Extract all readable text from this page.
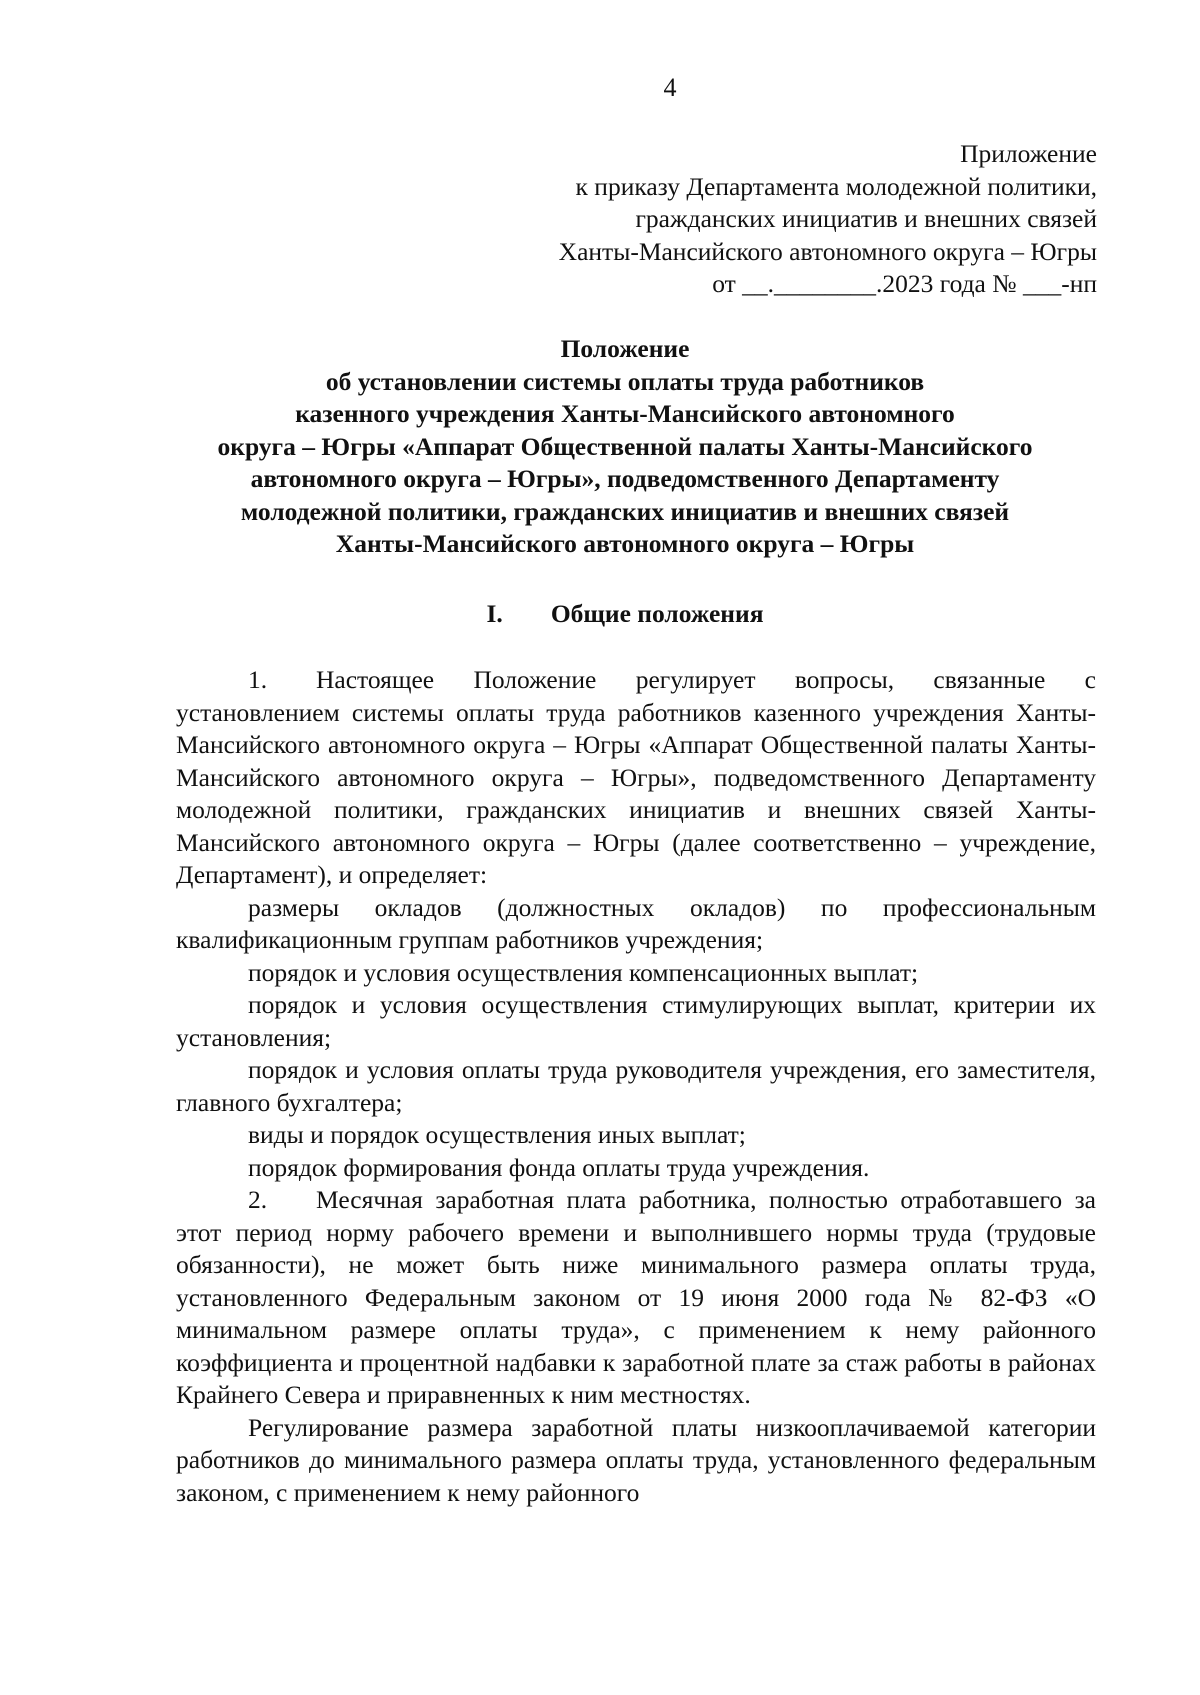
4
Приложение
к приказу Департамента молодежной политики,
гражданских инициатив и внешних связей
Ханты-Мансийского автономного округа – Югры
от __.________.2023 года № ___-нп
Положение
об установлении системы оплаты труда работников
казенного учреждения Ханты-Мансийского автономного
округа – Югры «Аппарат Общественной палаты Ханты-Мансийского
автономного округа – Югры», подведомственного Департаменту
молодежной политики, гражданских инициатив и внешних связей
Ханты-Мансийского автономного округа – Югры
I. Общие положения

1. Настоящее Положение регулирует вопросы, связанные с установлением системы оплаты труда работников казенного учреждения Ханты-Мансийского автономного округа – Югры «Аппарат Общественной палаты Ханты-Мансийского автономного округа – Югры», подведомственного Департаменту молодежной политики, гражданских инициатив и внешних связей Ханты-Мансийского автономного округа – Югры (далее соответственно – учреждение, Департамент), и определяет:

размеры окладов (должностных окладов) по профессиональным квалификационным группам работников учреждения;

порядок и условия осуществления компенсационных выплат;

порядок и условия осуществления стимулирующих выплат, критерии их установления;

порядок и условия оплаты труда руководителя учреждения, его заместителя, главного бухгалтера;

виды и порядок осуществления иных выплат;

порядок формирования фонда оплаты труда учреждения.

2. Месячная заработная плата работника, полностью отработавшего за этот период норму рабочего времени и выполнившего нормы труда (трудовые обязанности), не может быть ниже минимального размера оплаты труда, установленного Федеральным законом от 19 июня 2000 года № 82-ФЗ «О минимальном размере оплаты труда», с применением к нему районного коэффициента и процентной надбавки к заработной плате за стаж работы в районах Крайнего Севера и приравненных к ним местностях.

Регулирование размера заработной платы низкооплачиваемой категории работников до минимального размера оплаты труда, установленного федеральным законом, с применением к нему районного
